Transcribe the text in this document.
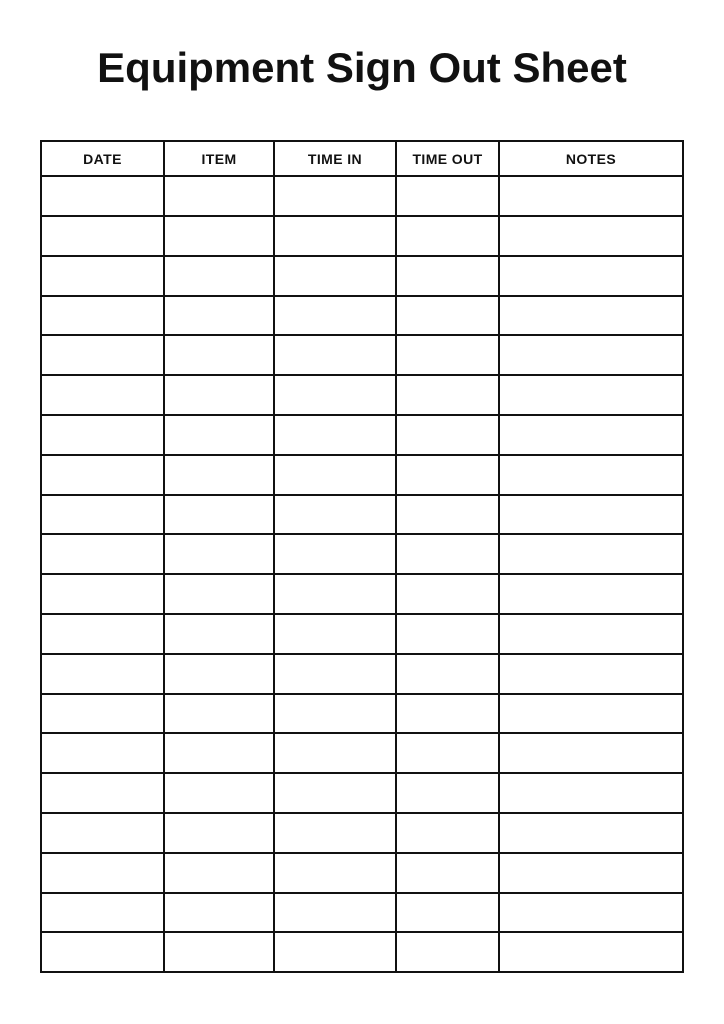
Equipment Sign Out Sheet
DATE	ITEM	TIME IN	TIME OUT	NOTES
